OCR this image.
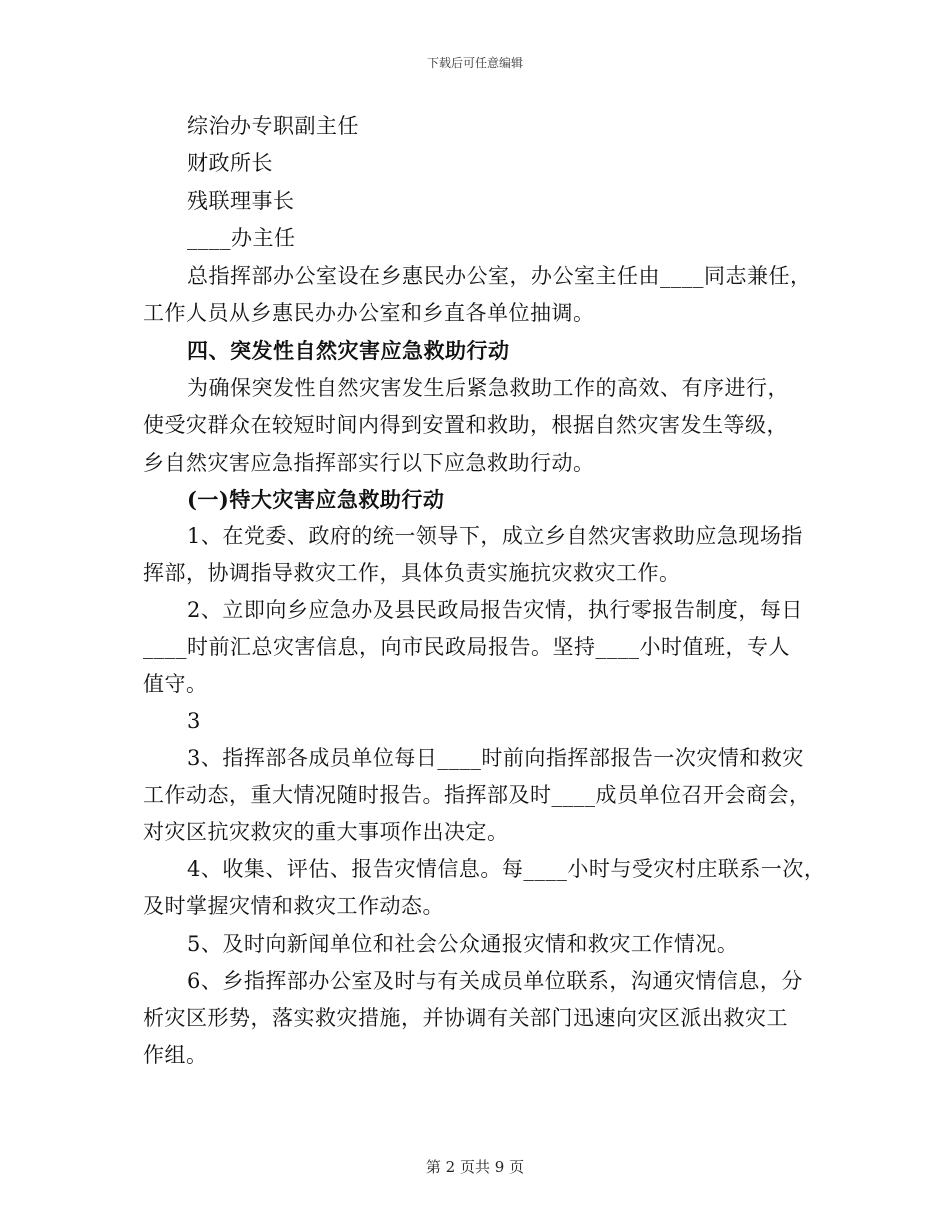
下载后可任意编辑
综治办专职副主任
财政所长
残联理事长
____办主任
总指挥部办公室设在乡惠民办公室，办公室主任由____同志兼任，
工作人员从乡惠民办办公室和乡直各单位抽调。
四、突发性自然灾害应急救助行动
为确保突发性自然灾害发生后紧急救助工作的高效、有序进行，
使受灾群众在较短时间内得到安置和救助，根据自然灾害发生等级，
乡自然灾害应急指挥部实行以下应急救助行动。
(一)特大灾害应急救助行动
1、在党委、政府的统一领导下，成立乡自然灾害救助应急现场指
挥部，协调指导救灾工作，具体负责实施抗灾救灾工作。
2、立即向乡应急办及县民政局报告灾情，执行零报告制度，每日
____时前汇总灾害信息，向市民政局报告。坚持____小时值班，专人
值守。
3
3、指挥部各成员单位每日____时前向指挥部报告一次灾情和救灾
工作动态，重大情况随时报告。指挥部及时____成员单位召开会商会，
对灾区抗灾救灾的重大事项作出决定。
4、收集、评估、报告灾情信息。每____小时与受灾村庄联系一次，
及时掌握灾情和救灾工作动态。
5、及时向新闻单位和社会公众通报灾情和救灾工作情况。
6、乡指挥部办公室及时与有关成员单位联系，沟通灾情信息，分
析灾区形势，落实救灾措施，并协调有关部门迅速向灾区派出救灾工
作组。
第 2 页共 9 页
